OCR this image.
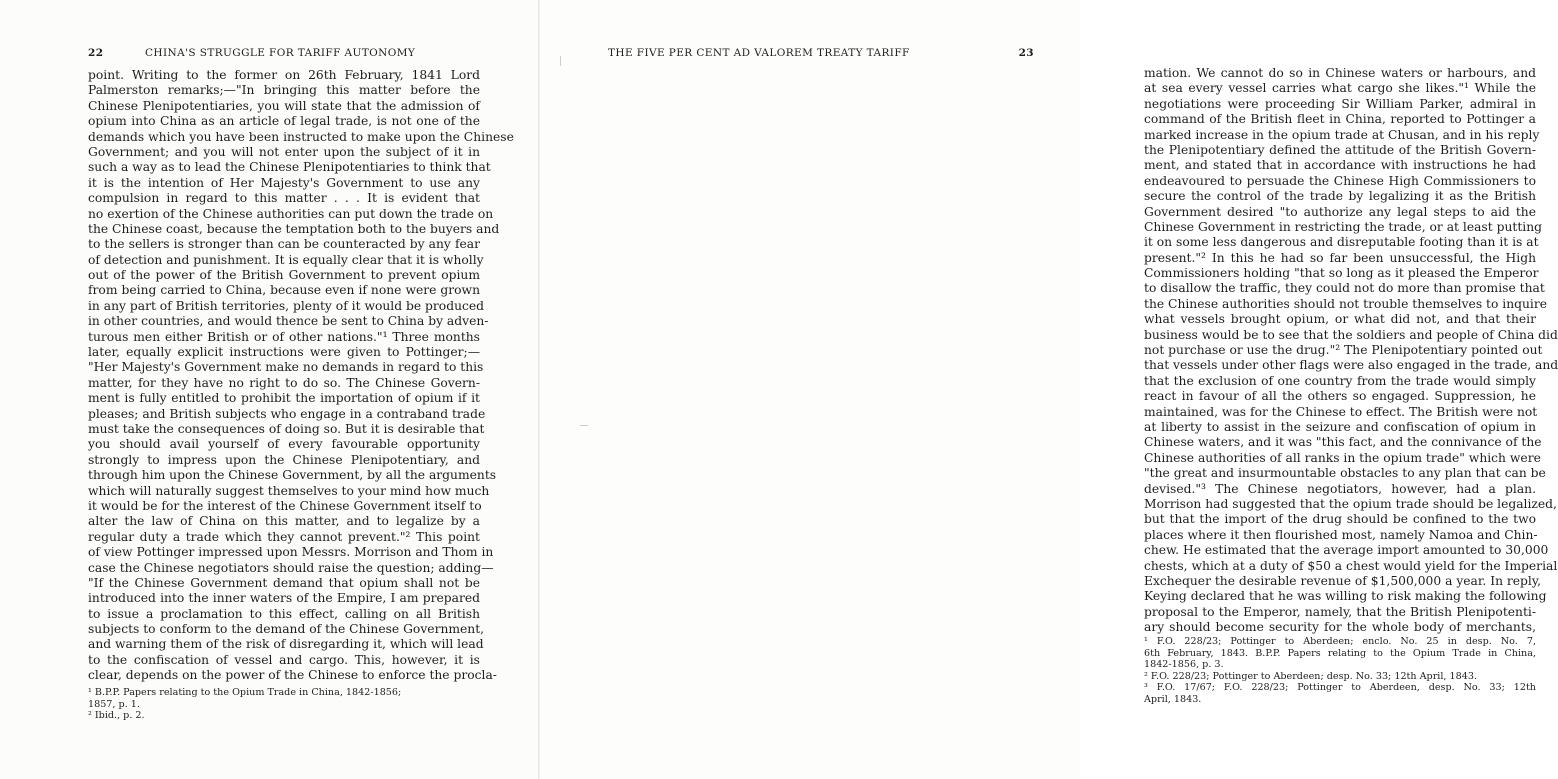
22	CHINA'S STRUGGLE FOR TARIFF AUTONOMY
point. Writing to the former on 26th February, 1841 Lord
Palmerston remarks;—"In bringing this matter before the
Chinese Plenipotentiaries, you will state that the admission of
opium into China as an article of legal trade, is not one of the
demands which you have been instructed to make upon the Chinese
Government; and you will not enter upon the subject of it in
such a way as to lead the Chinese Plenipotentiaries to think that
it is the intention of Her Majesty's Government to use any
compulsion in regard to this matter . . . It is evident that
no exertion of the Chinese authorities can put down the trade on
the Chinese coast, because the temptation both to the buyers and
to the sellers is stronger than can be counteracted by any fear
of detection and punishment. It is equally clear that it is wholly
out of the power of the British Government to prevent opium
from being carried to China, because even if none were grown
in any part of British territories, plenty of it would be produced
in other countries, and would thence be sent to China by adven-
turous men either British or of other nations."¹ Three months
later, equally explicit instructions were given to Pottinger;—
"Her Majesty's Government make no demands in regard to this
matter, for they have no right to do so. The Chinese Govern-
ment is fully entitled to prohibit the importation of opium if it
pleases; and British subjects who engage in a contraband trade
must take the consequences of doing so. But it is desirable that
you should avail yourself of every favourable opportunity
strongly to impress upon the Chinese Plenipotentiary, and
through him upon the Chinese Government, by all the arguments
which will naturally suggest themselves to your mind how much
it would be for the interest of the Chinese Government itself to
alter the law of China on this matter, and to legalize by a
regular duty a trade which they cannot prevent."² This point
of view Pottinger impressed upon Messrs. Morrison and Thom in
case the Chinese negotiators should raise the question; adding—
"If the Chinese Government demand that opium shall not be
introduced into the inner waters of the Empire, I am prepared
to issue a proclamation to this effect, calling on all British
subjects to conform to the demand of the Chinese Government,
and warning them of the risk of disregarding it, which will lead
to the confiscation of vessel and cargo. This, however, it is
clear, depends on the power of the Chinese to enforce the procla-
¹ B.P.P. Papers relating to the Opium Trade in China, 1842-1856;
1857, p. 1.
² Ibid., p. 2.
THE FIVE PER CENT AD VALOREM TREATY TARIFF	23
mation. We cannot do so in Chinese waters or harbours, and
at sea every vessel carries what cargo she likes."¹ While the
negotiations were proceeding Sir William Parker, admiral in
command of the British fleet in China, reported to Pottinger a
marked increase in the opium trade at Chusan, and in his reply
the Plenipotentiary defined the attitude of the British Govern-
ment, and stated that in accordance with instructions he had
endeavoured to persuade the Chinese High Commissioners to
secure the control of the trade by legalizing it as the British
Government desired "to authorize any legal steps to aid the
Chinese Government in restricting the trade, or at least putting
it on some less dangerous and disreputable footing than it is at
present."² In this he had so far been unsuccessful, the High
Commissioners holding "that so long as it pleased the Emperor
to disallow the traffic, they could not do more than promise that
the Chinese authorities should not trouble themselves to inquire
what vessels brought opium, or what did not, and that their
business would be to see that the soldiers and people of China did
not purchase or use the drug."² The Plenipotentiary pointed out
that vessels under other flags were also engaged in the trade, and
that the exclusion of one country from the trade would simply
react in favour of all the others so engaged. Suppression, he
maintained, was for the Chinese to effect. The British were not
at liberty to assist in the seizure and confiscation of opium in
Chinese waters, and it was "this fact, and the connivance of the
Chinese authorities of all ranks in the opium trade" which were
"the great and insurmountable obstacles to any plan that can be
devised."³ The Chinese negotiators, however, had a plan.
Morrison had suggested that the opium trade should be legalized,
but that the import of the drug should be confined to the two
places where it then flourished most, namely Namoa and Chin-
chew. He estimated that the average import amounted to 30,000
chests, which at a duty of $50 a chest would yield for the Imperial
Exchequer the desirable revenue of $1,500,000 a year. In reply,
Keying declared that he was willing to risk making the following
proposal to the Emperor, namely, that the British Plenipotenti-
ary should become security for the whole body of merchants,
¹ F.O. 228/23; Pottinger to Aberdeen; enclo. No. 25 in desp. No. 7,
6th February, 1843. B.P.P. Papers relating to the Opium Trade in China,
1842-1856, p. 3.
² F.O. 228/23; Pottinger to Aberdeen; desp. No. 33; 12th April, 1843.
³ F.O. 17/67; F.O. 228/23; Pottinger to Aberdeen, desp. No. 33; 12th
April, 1843.
